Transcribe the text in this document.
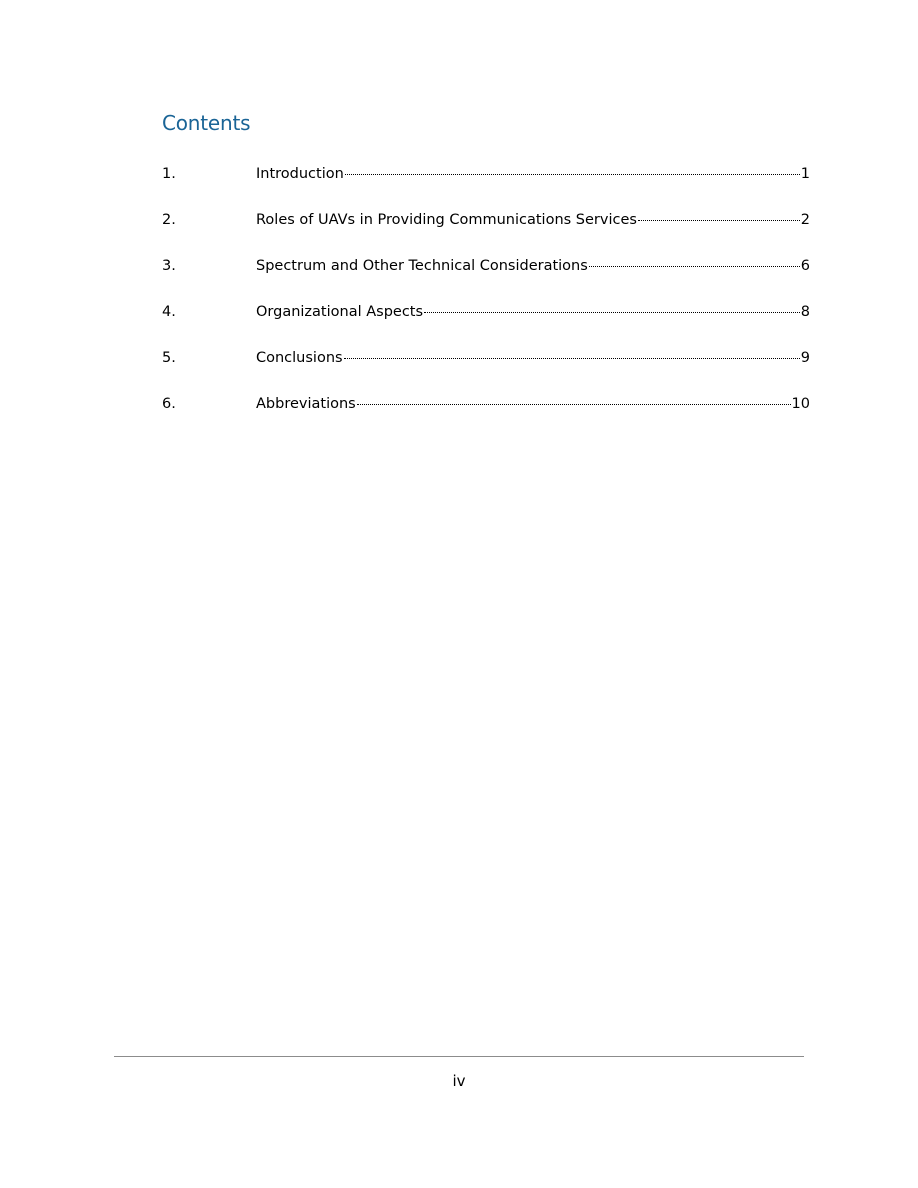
Contents
1.	Introduction	1
2.	Roles of UAVs in Providing Communications Services	2
3.	Spectrum and Other Technical Considerations	6
4.	Organizational Aspects	8
5.	Conclusions	9
6.	Abbreviations	10
iv
